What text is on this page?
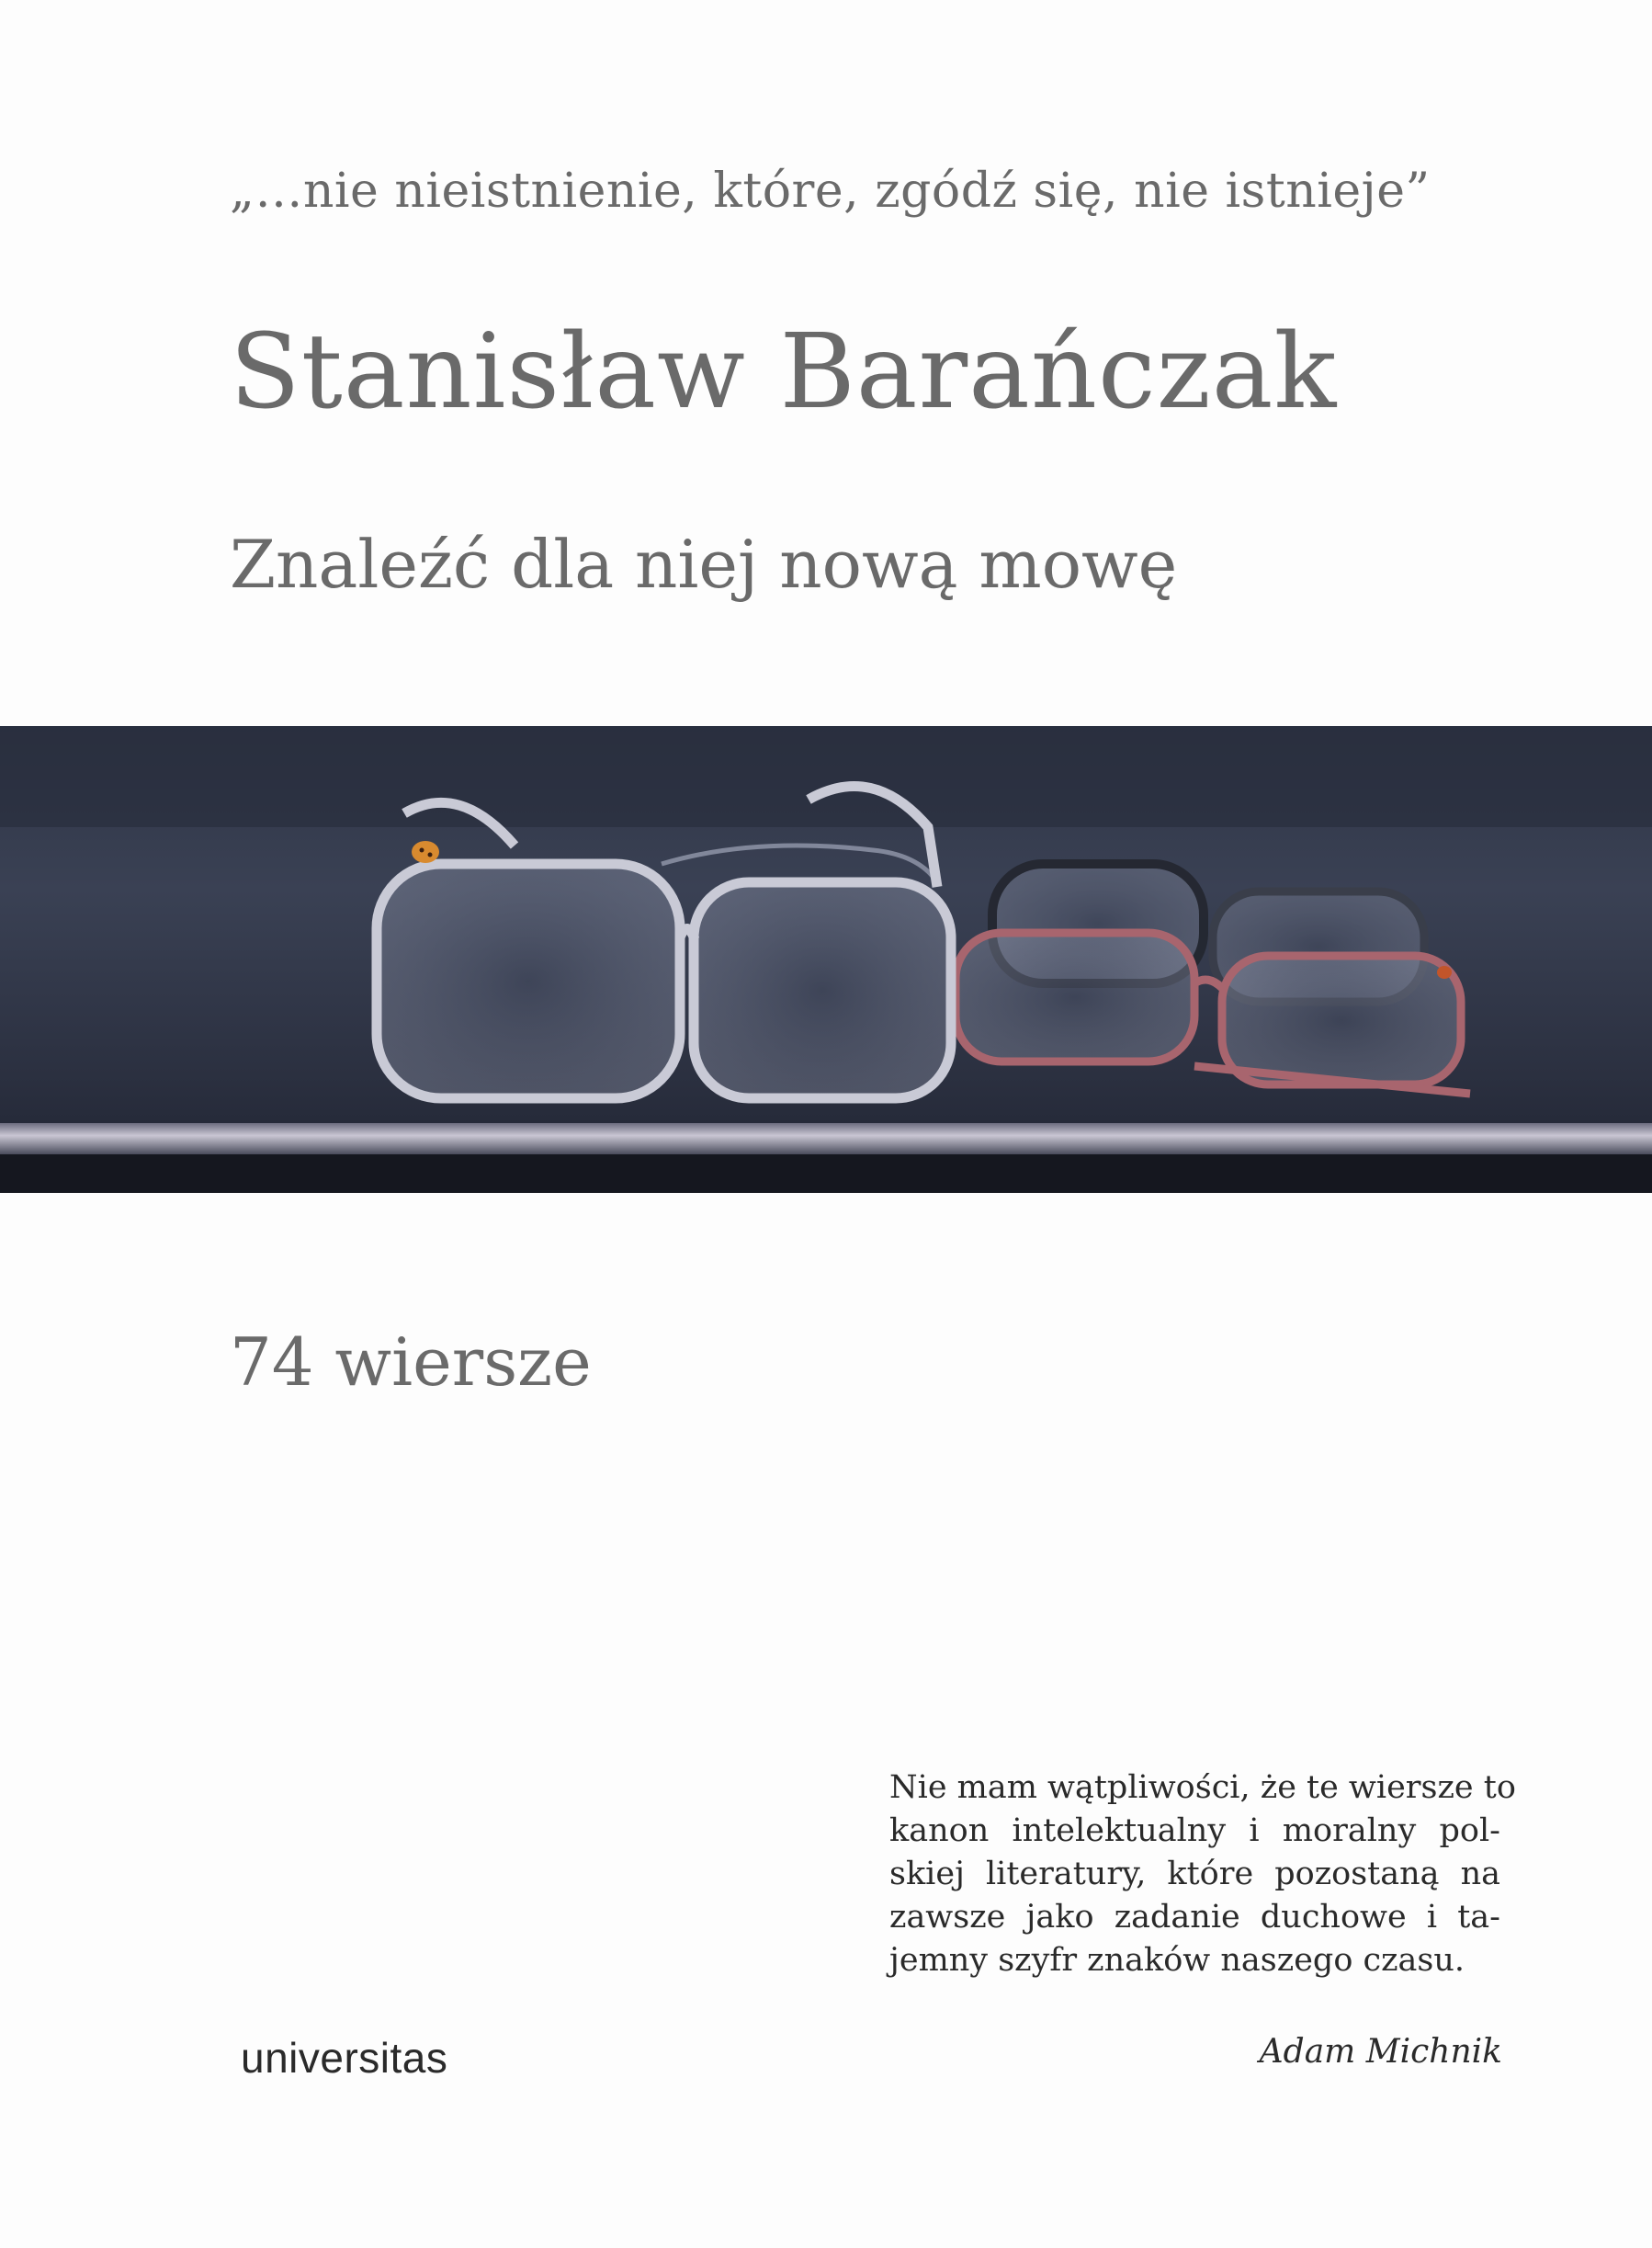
„…nie nieistnienie, które, zgódź się, nie istnieje”
Stanisław Barańczak
Znaleźć dla niej nową mowę
74 wiersze
Nie mam wątpliwości, że te wiersze to
kanon intelektualny i moralny pol-
skiej literatury, które pozostaną na
zawsze jako zadanie duchowe i ta-
jemny szyfr znaków naszego czasu.
universitas	Adam Michnik
